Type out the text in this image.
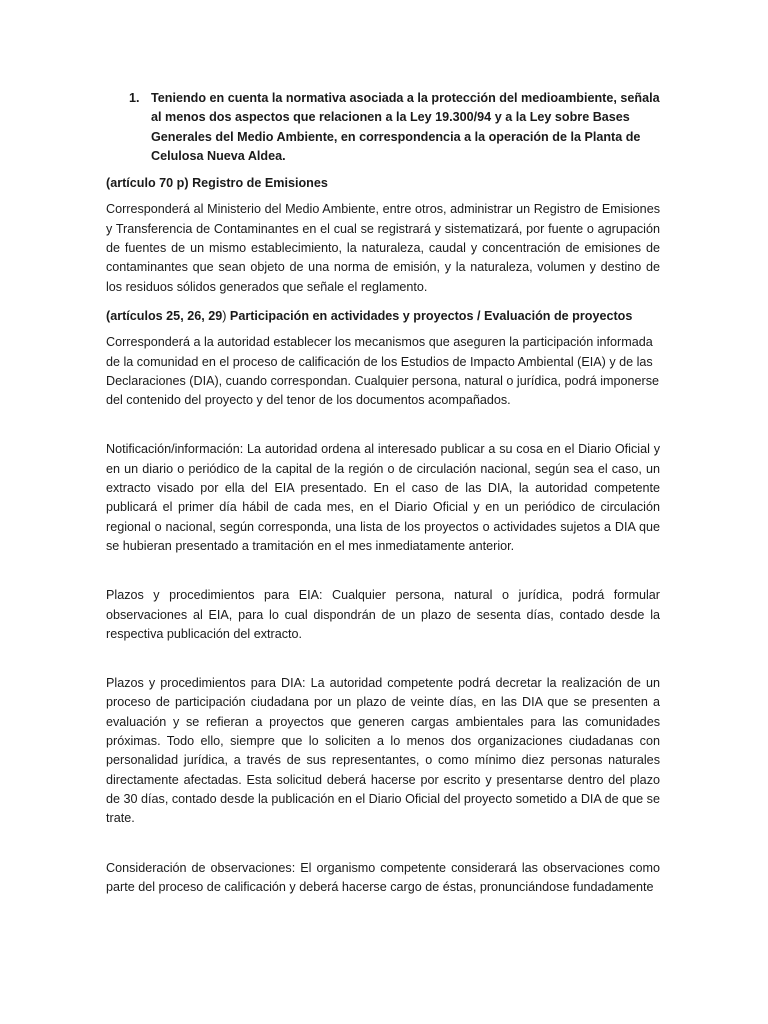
1. Teniendo en cuenta la normativa asociada a la protección del medioambiente, señala al menos dos aspectos que relacionen a la Ley 19.300/94 y a la Ley sobre Bases Generales del Medio Ambiente, en correspondencia a la operación de la Planta de Celulosa Nueva Aldea.
(artículo 70 p) Registro de Emisiones

Corresponderá al Ministerio del Medio Ambiente, entre otros, administrar un Registro de Emisiones y Transferencia de Contaminantes en el cual se registrará y sistematizará, por fuente o agrupación de fuentes de un mismo establecimiento, la naturaleza, caudal y concentración de emisiones de contaminantes que sean objeto de una norma de emisión, y la naturaleza, volumen y destino de los residuos sólidos generados que señale el reglamento.

(artículos 25, 26, 29) Participación en actividades y proyectos / Evaluación de proyectos

Corresponderá a la autoridad establecer los mecanismos que aseguren la participación informada de la comunidad en el proceso de calificación de los Estudios de Impacto Ambiental (EIA) y de las Declaraciones (DIA), cuando correspondan. Cualquier persona, natural o jurídica, podrá imponerse del contenido del proyecto y del tenor de los documentos acompañados.

Notificación/información: La autoridad ordena al interesado publicar a su cosa en el Diario Oficial y en un diario o periódico de la capital de la región o de circulación nacional, según sea el caso, un extracto visado por ella del EIA presentado. En el caso de las DIA, la autoridad competente publicará el primer día hábil de cada mes, en el Diario Oficial y en un periódico de circulación regional o nacional, según corresponda, una lista de los proyectos o actividades sujetos a DIA que se hubieran presentado a tramitación en el mes inmediatamente anterior.

Plazos y procedimientos para EIA: Cualquier persona, natural o jurídica, podrá formular observaciones al EIA, para lo cual dispondrán de un plazo de sesenta días, contado desde la respectiva publicación del extracto.

Plazos y procedimientos para DIA: La autoridad competente podrá decretar la realización de un proceso de participación ciudadana por un plazo de veinte días, en las DIA que se presenten a evaluación y se refieran a proyectos que generen cargas ambientales para las comunidades próximas. Todo ello, siempre que lo soliciten a lo menos dos organizaciones ciudadanas con personalidad jurídica, a través de sus representantes, o como mínimo diez personas naturales directamente afectadas. Esta solicitud deberá hacerse por escrito y presentarse dentro del plazo de 30 días, contado desde la publicación en el Diario Oficial del proyecto sometido a DIA de que se trate.

Consideración de observaciones: El organismo competente considerará las observaciones como parte del proceso de calificación y deberá hacerse cargo de éstas, pronunciándose fundadamente
